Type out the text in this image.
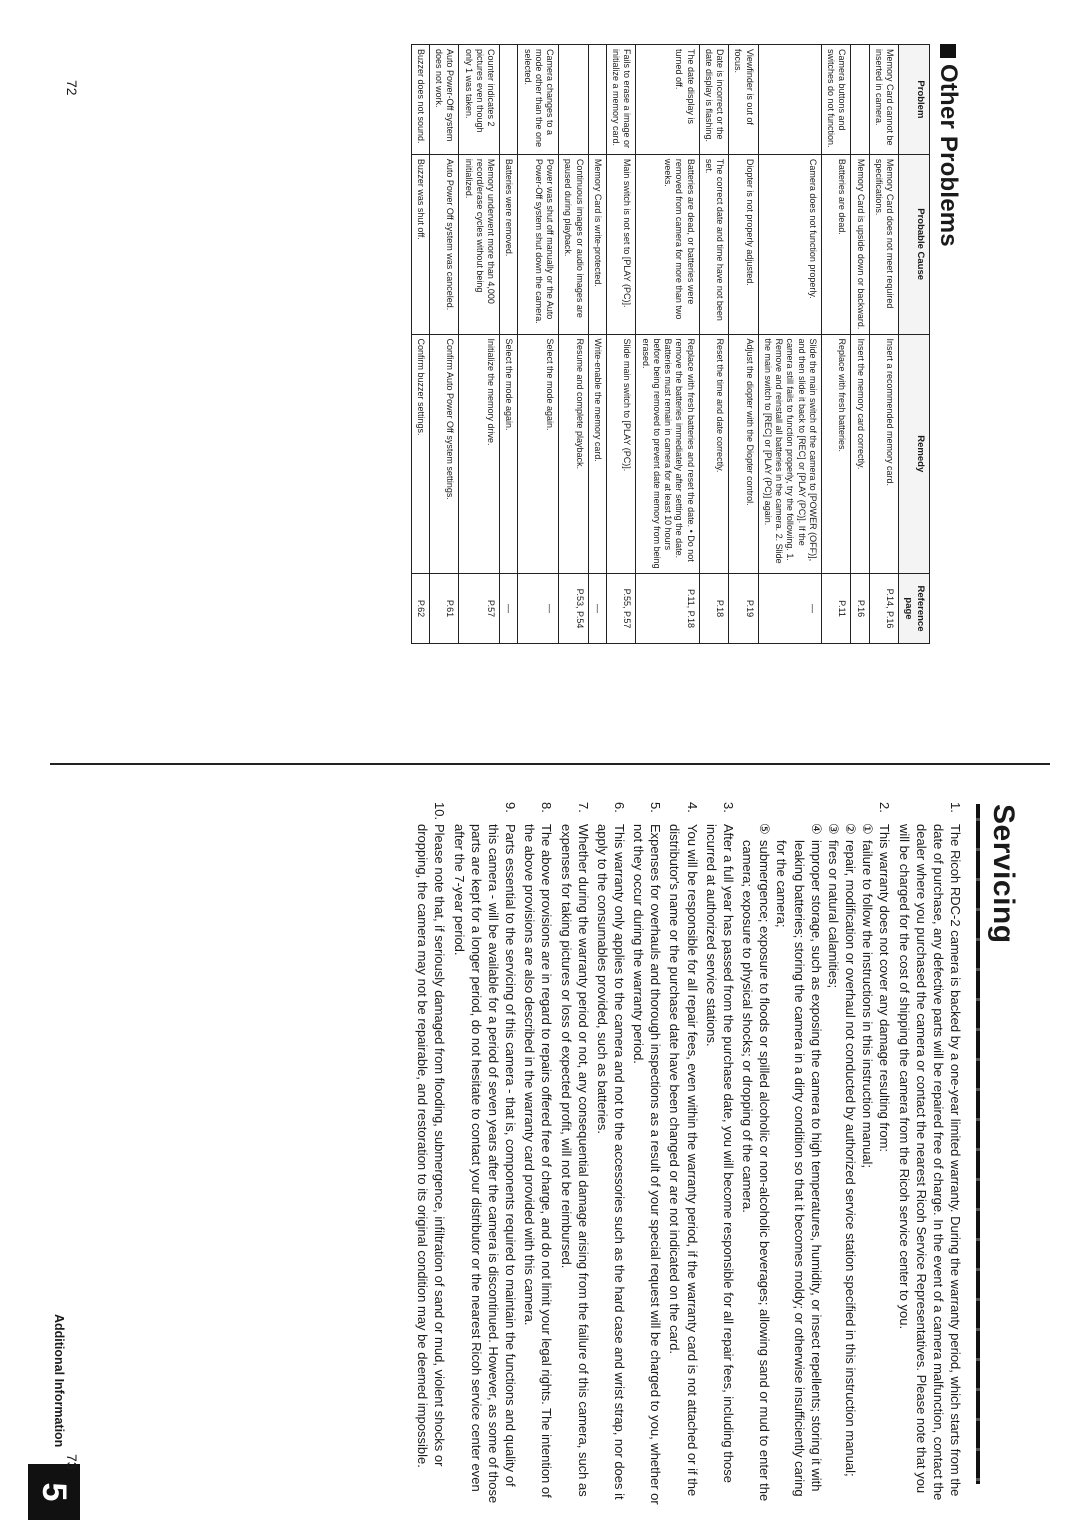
Other Problems
Problem	Probable Cause	Remedy	Reference page
Memory Card cannot be inserted in camera.	Memory Card does not meet required specifications.	Insert a recommended memory card.	P.14, P.16
	Memory Card is upside down or backward.	Insert the memory card correctly.	P.16
Camera buttons and switches do not function.	Batteries are dead.	Replace with fresh batteries.	P.11
	Camera does not function properly.	Slide the main switch of the camera to [POWER (OFF)], and then slide it back to [REC] or [PLAY (PC)]. If the camera still fails to function properly, try the following. 1. Remove and reinstall all batteries in the camera. 2. Slide the main switch to [REC] or [PLAY (PC)] again.	—
Viewfinder is out of focus.	Diopter is not properly adjusted.	Adjust the diopter with the Diopter control.	P.19
Date is incorrect or the date display is flashing.	The correct date and time have not been set.	Reset the time and date correctly.	P.18
The date display is turned off.	Batteries are dead, or batteries were removed from camera for more than two weeks.	Replace with fresh batteries and reset the date. • Do not remove the batteries immediately after setting the date. Batteries must remain in camera for at least 10 hours before being removed to prevent date memory from being erased.	P.11, P.18
Fails to erase a image or initialize a memory card.	Main switch is not set to [PLAY (PC)].	Slide main switch to [PLAY (PC)].	P.55, P.57
	Memory Card is write-protected.	Write-enable the memory card.	—
	Continuous images or audio images are paused during playback.	Resume and complete playback.	P.53, P.54
Camera changes to a mode other than the one selected.	Power was shut off manually or the Auto Power-Off system shut down the camera.	Select the mode again.	—
	Batteries were removed.	Select the mode again.	—
Counter indicates 2 pictures even though only 1 was taken.	Memory underwent more than 4,000 record/erase cycles without being initialized.	Initialize the memory drive.	P.57
Auto Power-Off system does not work.	Auto Power Off system was canceled.	Confirm Auto Power Off system settings.	P.61
Buzzer does not sound.	Buzzer was shut off.	Confirm buzzer settings.	P.62
72
Servicing
1.
The Ricoh RDC-2 camera is backed by a one-year limited warranty. During the warranty period, which starts from the date of purchase, any defective parts will be repaired free of charge. In the event of a camera malfunction, contact the dealer where you purchased the camera or contact the nearest Ricoh Service Representatives. Please note that you will be charged for the cost of shipping the camera from the Ricoh service center to you.
2.
This warranty does not cover any damage resulting from:
①
failure to follow the instructions in this instruction manual;
②
repair, modification or overhaul not conducted by authorized service station specified in this instruction manual;
③
fires or natural calamities;
④
improper storage, such as exposing the camera to high temperatures, humidity, or insect repellents; storing it with leaking batteries; storing the camera in a dirty condition so that it becomes moldy; or otherwise insufficiently caring for the camera;
⑤
submergence; exposure to floods or spilled alcoholic or non-alcoholic beverages; allowing sand or mud to enter the camera; exposure to physical shocks; or dropping of the camera.
3.
After a full year has passed from the purchase date, you will become responsible for all repair fees, including those incurred at authorized service stations.
4.
You will be responsible for all repair fees, even within the warranty period, if the warranty card is not attached or if the distributor's name or the purchase date have been changed or are not indicated on the card.
5.
Expenses for overhauls and thorough inspections as a result of your special request will be charged to you, whether or not they occur during the warranty period.
6.
This warranty only applies to the camera and not to the accessories such as the hard case and wrist strap, nor does it apply to the consumables provided, such as batteries.
7.
Whether during the warranty period or not, any consequential damage arising from the failure of this camera, such as expenses for taking pictures or loss of expected profit, will not be reimbursed.
8.
The above provisions are in regard to repairs offered free of charge, and do not limit your legal rights. The intention of the above provisions are also described in the warranty card provided with this camera.
9.
Parts essential to the servicing of this camera - that is, components required to maintain the functions and quality of this camera - will be available for a period of seven years after the camera is discontinued. However, as some of those parts are kept for a longer period, do not hesitate to contact your distributor or the nearest Ricoh service center even after the 7-year period.
10.
Please note that, if seriously damaged from flooding, submergence, infiltration of sand or mud, violent shocks or dropping, the camera may not be repairable, and restoration to its original condition may be deemed impossible.
Additional Information
5
73
